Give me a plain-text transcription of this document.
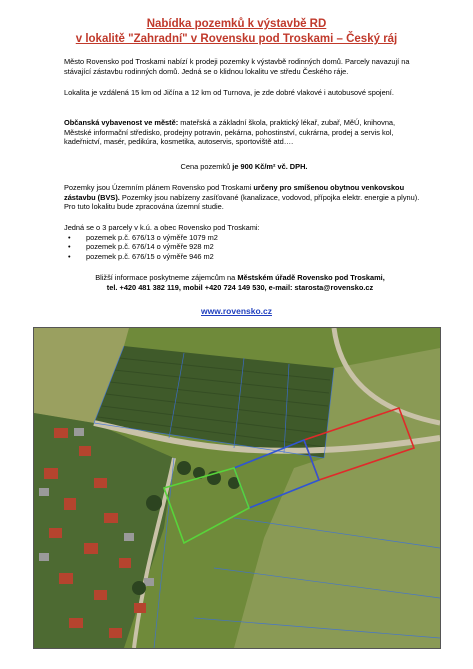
Nabídka pozemků k výstavbě RD
v lokalitě "Zahradní" v Rovensku pod Troskami – Český ráj
Město Rovensko pod Troskami nabízí k prodeji pozemky k výstavbě rodinných domů. Parcely navazují na stávající zástavbu rodinných domů. Jedná se o klidnou lokalitu ve středu Českého ráje.
Lokalita je vzdálená 15 km od Jičína a 12 km od Turnova, je zde dobré vlakové i autobusové spojení.
Občanská vybavenost ve městě: mateřská a základní škola, praktický lékař, zubař, MěÚ, knihovna, Městské informační středisko, prodejny potravin, pekárna, pohostinství, cukrárna, prodej a servis kol, kadeřnictví, masér, pedikúra, kosmetika, autoservis, sportoviště atd….
Cena pozemků je 900 Kč/m² vč. DPH.
Pozemky jsou Územním plánem Rovensko pod Troskami určeny pro smíšenou obytnou venkovskou zástavbu (BVS). Pozemky jsou nabízeny zasíťované (kanalizace, vodovod, přípojka elektr. energie a plynu). Pro tuto lokalitu bude zpracována územní studie.
Jedná se o 3 parcely v k.ú. a obec Rovensko pod Troskami:
• pozemek p.č. 676/13 o výměře 1079 m2
• pozemek p.č. 676/14 o výměře 928 m2
• pozemek p.č. 676/15 o výměře 946 m2
Bližší informace poskytneme zájemcům na Městském úřadě Rovensko pod Troskami,
tel. +420 481 382 119, mobil +420 724 149 530, e-mail: starosta@rovensko.cz
www.rovensko.cz
